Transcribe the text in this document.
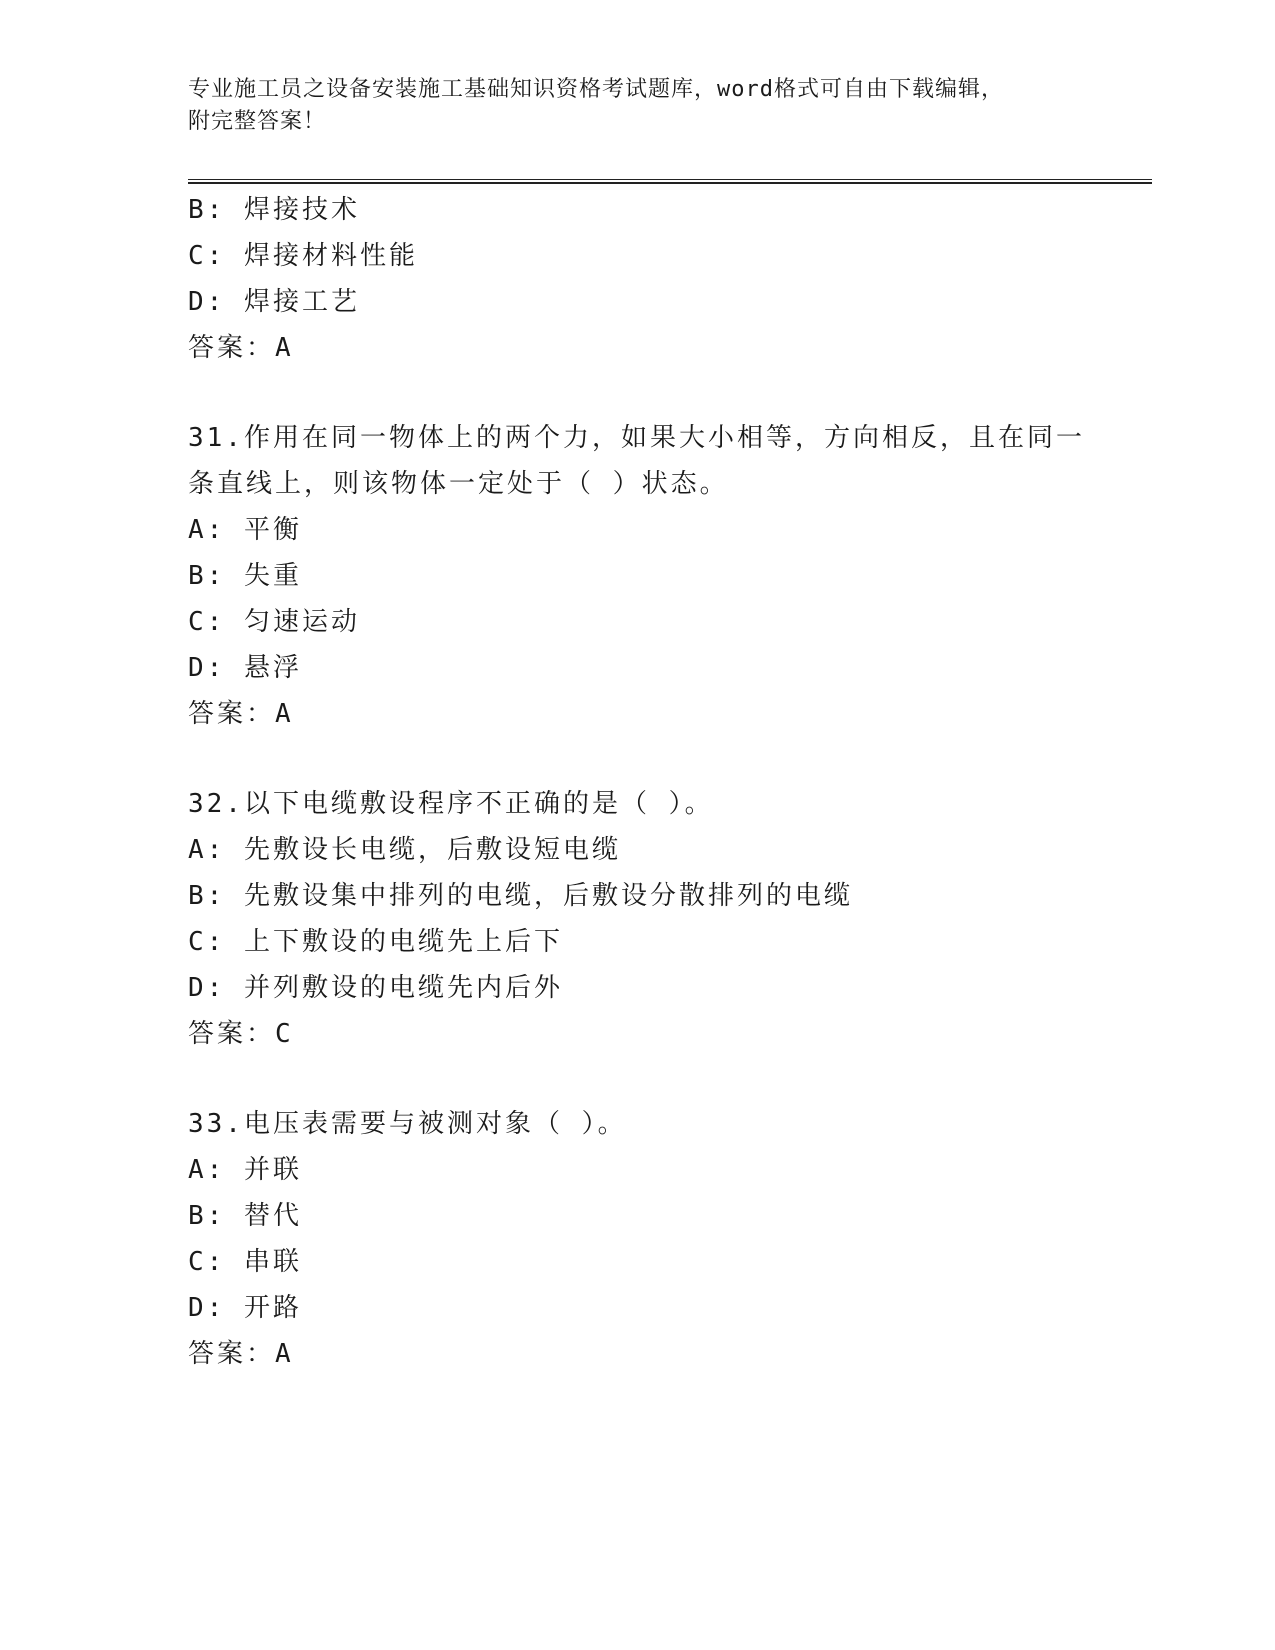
专业施工员之设备安装施工基础知识资格考试题库，word格式可自由下载编辑，
附完整答案！
B: 焊接技术
C: 焊接材料性能
D: 焊接工艺
答案：A
31.作用在同一物体上的两个力，如果大小相等，方向相反，且在同一
条直线上，则该物体一定处于（ ）状态。
A: 平衡
B: 失重
C: 匀速运动
D: 悬浮
答案：A
32.以下电缆敷设程序不正确的是（ ）。
A: 先敷设长电缆，后敷设短电缆
B: 先敷设集中排列的电缆，后敷设分散排列的电缆
C: 上下敷设的电缆先上后下
D: 并列敷设的电缆先内后外
答案：C
33.电压表需要与被测对象（ ）。
A: 并联
B: 替代
C: 串联
D: 开路
答案：A
